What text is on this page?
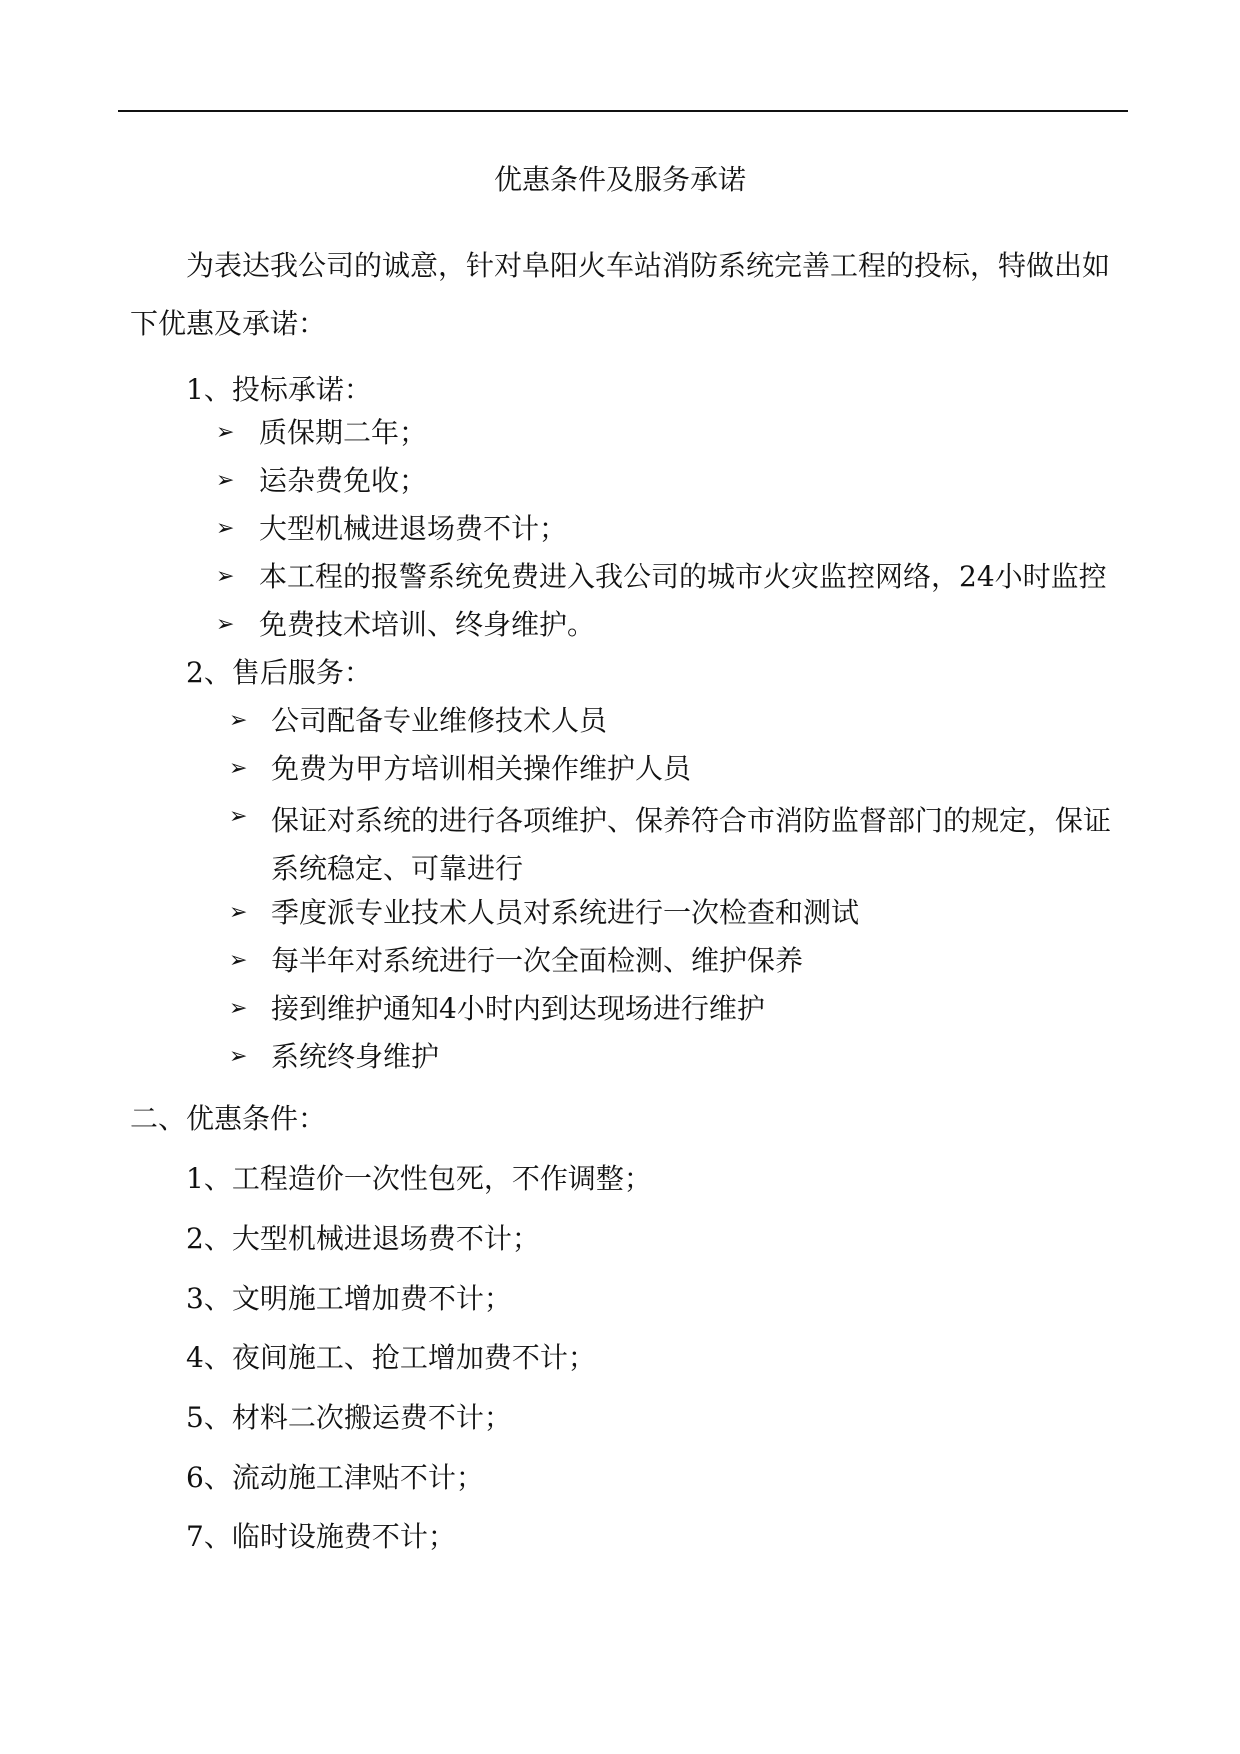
优惠条件及服务承诺
为表达我公司的诚意，针对阜阳火车站消防系统完善工程的投标，特做出如下优惠及承诺：
1、投标承诺：
➢ 质保期二年；
➢ 运杂费免收；
➢ 大型机械进退场费不计；
➢ 本工程的报警系统免费进入我公司的城市火灾监控网络，24小时监控
➢ 免费技术培训、终身维护。
2、售后服务：
➢ 公司配备专业维修技术人员
➢ 免费为甲方培训相关操作维护人员
➢ 保证对系统的进行各项维护、保养符合市消防监督部门的规定，保证系统稳定、可靠进行
➢ 季度派专业技术人员对系统进行一次检查和测试
➢ 每半年对系统进行一次全面检测、维护保养
➢ 接到维护通知4小时内到达现场进行维护
➢ 系统终身维护
二、优惠条件：
1、工程造价一次性包死，不作调整；
2、大型机械进退场费不计；
3、文明施工增加费不计；
4、夜间施工、抢工增加费不计；
5、材料二次搬运费不计；
6、流动施工津贴不计；
7、临时设施费不计；
